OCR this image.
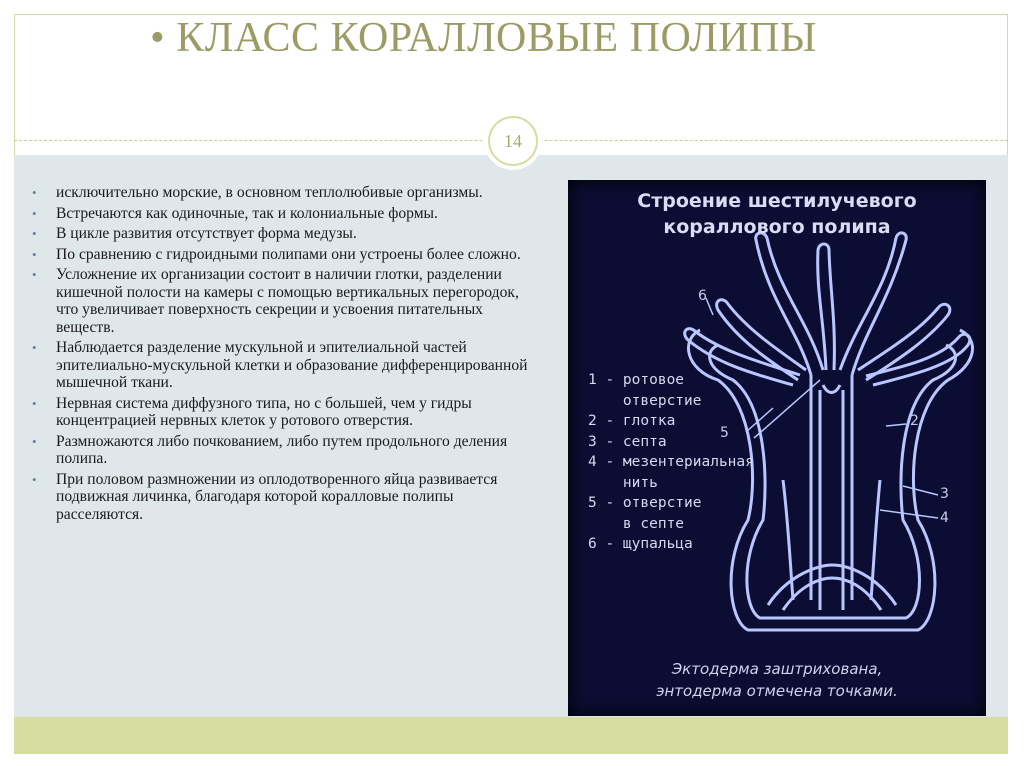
• КЛАСС КОРАЛЛОВЫЕ ПОЛИПЫ
14
• исключительно морские, в основном теплолюбивые организмы.
• Встречаются как одиночные, так и колониальные формы.
• В цикле развития отсутствует форма медузы.
• По сравнению с гидроидными полипами они устроены более сложно.
• Усложнение их организации состоит в наличии глотки, разделении кишечной полости на камеры с помощью вертикальных перегородок, что увеличивает поверхность секреции и усвоения питательных веществ.
• Наблюдается разделение мускульной и эпителиальной частей эпителиально-мускульной клетки и образование дифференцированной мышечной ткани.
• Нервная система диффузного типа, но с большей, чем у гидры концентрацией нервных клеток у ротового отверстия.
• Размножаются либо почкованием, либо путем продольного деления полипа.
• При половом размножении из оплодотворенного яйца развивается подвижная личинка, благодаря которой коралловые полипы расселяются.
Строение шестилучевого
кораллового полипа
1 - ротовое
отверстие
2 - глотка
3 - септа
4 - мезентериальная
нить
5 - отверстие
в септе
6 - щупальца
6
5
2
3
4
Эктодерма заштрихована,
энтодерма отмечена точками.
